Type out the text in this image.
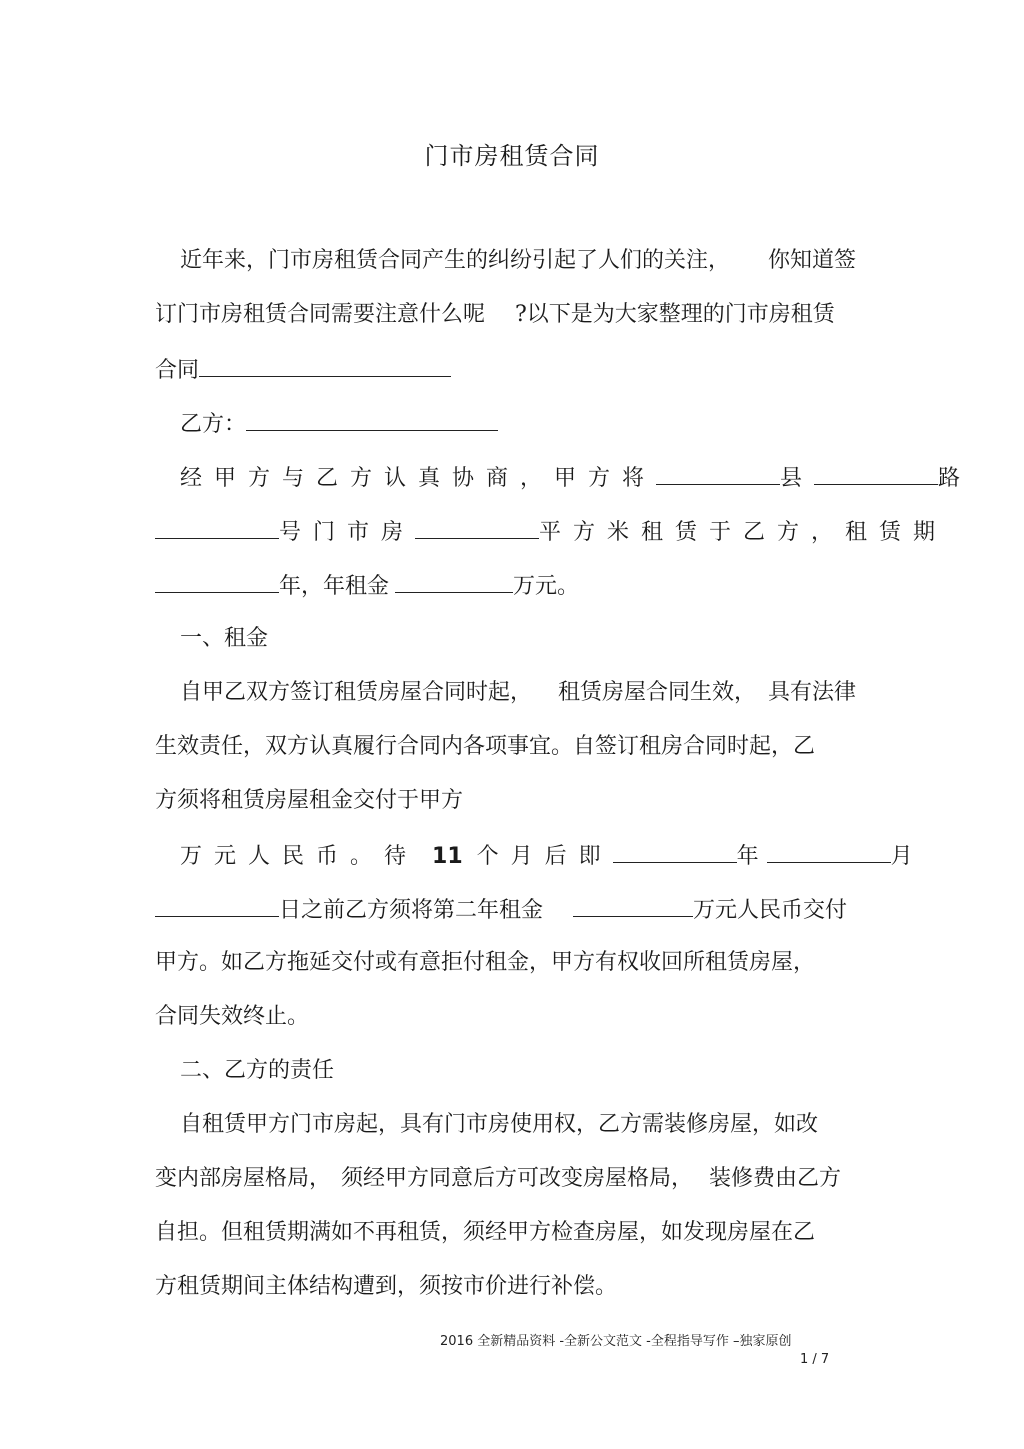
门市房租赁合同
近年来，门市房租赁合同产生的纠纷引起了人们的关注， 你知道签
订门市房租赁合同需要注意什么呢 ?以下是为大家整理的门市房租赁
合同
乙方：
经甲方与乙方认真协商，甲方将	县	路
号门市房	平方米租赁于乙方，租赁期
年，年租金	万元。
一、租金
自甲乙双方签订租赁房屋合同时起， 租赁房屋合同生效， 具有法律
生效责任，双方认真履行合同内各项事宜。自签订租房合同时起，乙
方须将租赁房屋租金交付于甲方
万元人民币。待 11 个月后即	年	月
日之前乙方须将第二年租金	万元人民币交付
甲方。如乙方拖延交付或有意拒付租金，甲方有权收回所租赁房屋，
合同失效终止。
二、乙方的责任
自租赁甲方门市房起，具有门市房使用权，乙方需装修房屋，如改
变内部房屋格局， 须经甲方同意后方可改变房屋格局， 装修费由乙方
自担。但租赁期满如不再租赁，须经甲方检查房屋，如发现房屋在乙
方租赁期间主体结构遭到，须按市价进行补偿。
2016 全新精品资料 -全新公文范文 -全程指导写作 –独家原创
1 / 7
